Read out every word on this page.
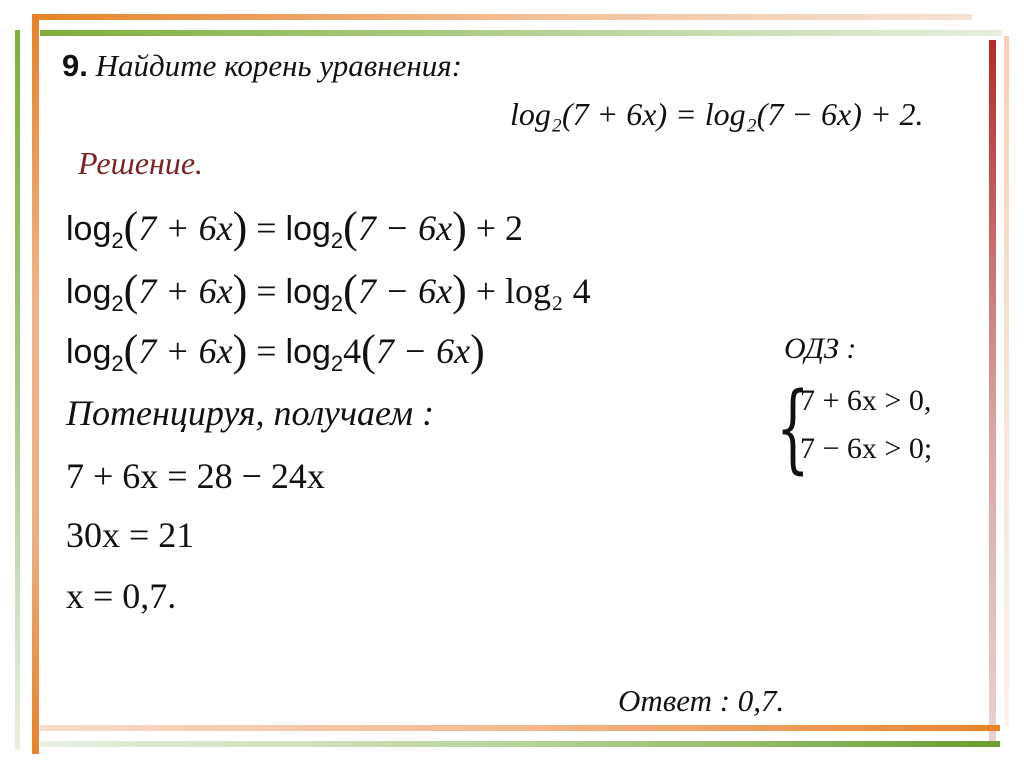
9. Найдите корень уравнения:
log₂(7 + 6x) = log₂(7 − 6x) + 2.
Решение.
$\log_2(7 + 6x) = \log_2(7 - 6x) + 2$
$\log_2(7 + 6x) = \log_2(7 - 6x) + \log_2$ 4
$\log_2(7 + 6x) = \log_24(7 - 6x)$
Потенцируя, получаем :
7 + 6x = 28 − 24x
30x = 21
x = 0,7.
ОДЗ :
{
7 + 6x > 0,
7 − 6x > 0;
Ответ : 0,7.
